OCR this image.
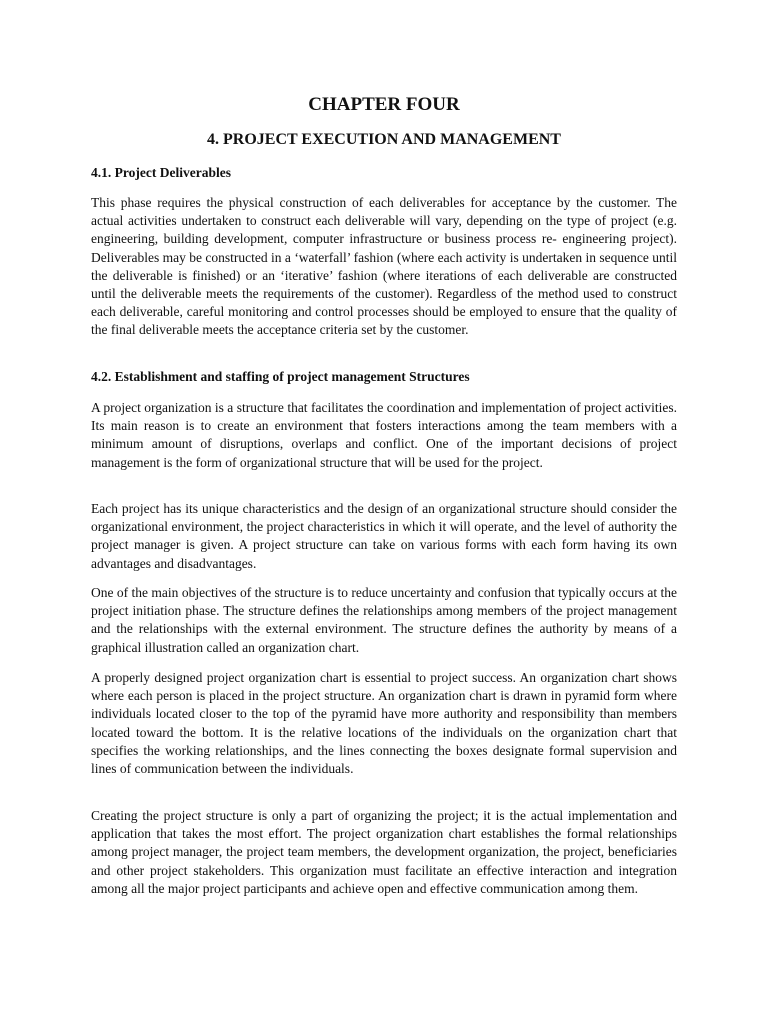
CHAPTER FOUR
4. PROJECT EXECUTION AND MANAGEMENT
4.1. Project Deliverables

This phase requires the physical construction of each deliverables for acceptance by the customer. The actual activities undertaken to construct each deliverable will vary, depending on the type of project (e.g. engineering, building development, computer infrastructure or business process re- engineering project). Deliverables may be constructed in a ‘waterfall’ fashion (where each activity is undertaken in sequence until the deliverable is finished) or an ‘iterative’ fashion (where iterations of each deliverable are constructed until the deliverable meets the requirements of the customer). Regardless of the method used to construct each deliverable, careful monitoring and control processes should be employed to ensure that the quality of the final deliverable meets the acceptance criteria set by the customer.

4.2. Establishment and staffing of project management Structures

A project organization is a structure that facilitates the coordination and implementation of project activities. Its main reason is to create an environment that fosters interactions among the team members with a minimum amount of disruptions, overlaps and conflict. One of the important decisions of project management is the form of organizational structure that will be used for the project.

Each project has its unique characteristics and the design of an organizational structure should consider the organizational environment, the project characteristics in which it will operate, and the level of authority the project manager is given. A project structure can take on various forms with each form having its own advantages and disadvantages.

One of the main objectives of the structure is to reduce uncertainty and confusion that typically occurs at the project initiation phase. The structure defines the relationships among members of the project management and the relationships with the external environment. The structure defines the authority by means of a graphical illustration called an organization chart.

A properly designed project organization chart is essential to project success. An organization chart shows where each person is placed in the project structure. An organization chart is drawn in pyramid form where individuals located closer to the top of the pyramid have more authority and responsibility than members located toward the bottom. It is the relative locations of the individuals on the organization chart that specifies the working relationships, and the lines connecting the boxes designate formal supervision and lines of communication between the individuals.

Creating the project structure is only a part of organizing the project; it is the actual implementation and application that takes the most effort. The project organization chart establishes the formal relationships among project manager, the project team members, the development organization, the project, beneficiaries and other project stakeholders. This organization must facilitate an effective interaction and integration among all the major project participants and achieve open and effective communication among them.
